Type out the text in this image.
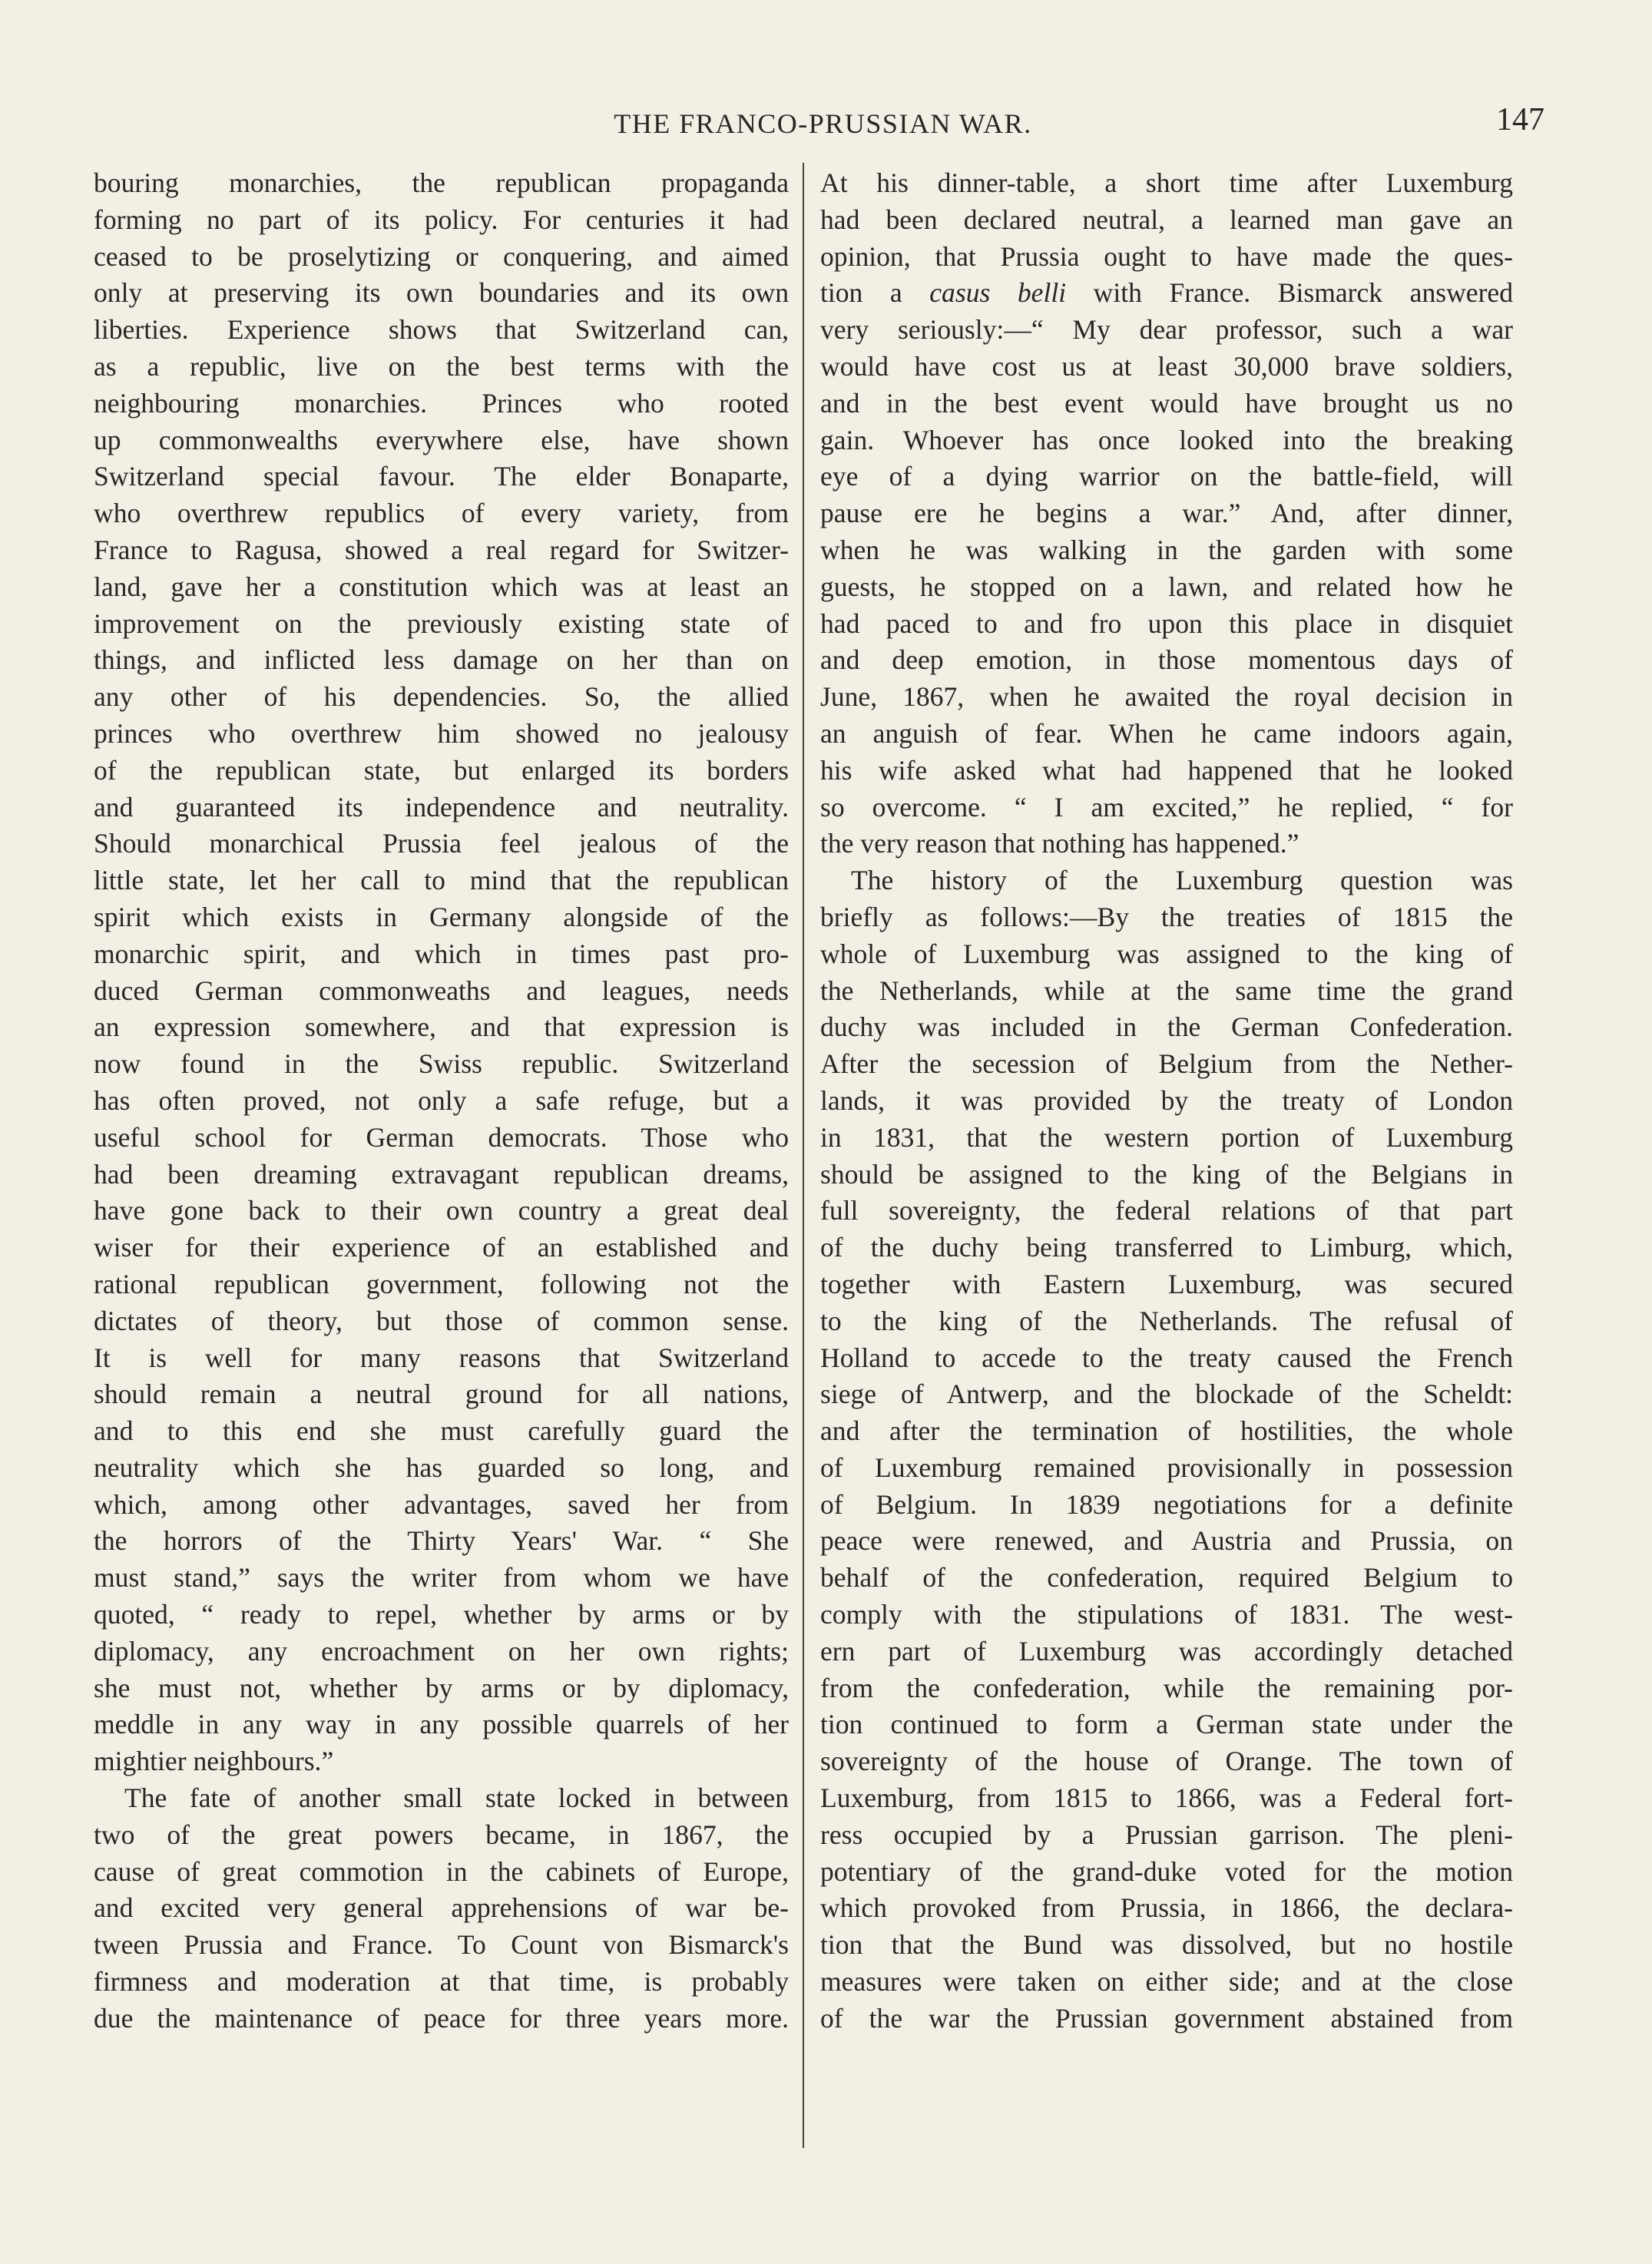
THE FRANCO-PRUSSIAN WAR.	147
bouring monarchies, the republican propaganda
forming no part of its policy. For centuries it had
ceased to be proselytizing or conquering, and aimed
only at preserving its own boundaries and its own
liberties. Experience shows that Switzerland can,
as a republic, live on the best terms with the
neighbouring monarchies. Princes who rooted
up commonwealths everywhere else, have shown
Switzerland special favour. The elder Bonaparte,
who overthrew republics of every variety, from
France to Ragusa, showed a real regard for Switzer-
land, gave her a constitution which was at least an
improvement on the previously existing state of
things, and inflicted less damage on her than on
any other of his dependencies. So, the allied
princes who overthrew him showed no jealousy
of the republican state, but enlarged its borders
and guaranteed its independence and neutrality.
Should monarchical Prussia feel jealous of the
little state, let her call to mind that the republican
spirit which exists in Germany alongside of the
monarchic spirit, and which in times past pro-
duced German commonweaths and leagues, needs
an expression somewhere, and that expression is
now found in the Swiss republic. Switzerland
has often proved, not only a safe refuge, but a
useful school for German democrats. Those who
had been dreaming extravagant republican dreams,
have gone back to their own country a great deal
wiser for their experience of an established and
rational republican government, following not the
dictates of theory, but those of common sense.
It is well for many reasons that Switzerland
should remain a neutral ground for all nations,
and to this end she must carefully guard the
neutrality which she has guarded so long, and
which, among other advantages, saved her from
the horrors of the Thirty Years' War. “ She
must stand,” says the writer from whom we have
quoted, “ ready to repel, whether by arms or by
diplomacy, any encroachment on her own rights;
she must not, whether by arms or by diplomacy,
meddle in any way in any possible quarrels of her
mightier neighbours.”
The fate of another small state locked in between
two of the great powers became, in 1867, the
cause of great commotion in the cabinets of Europe,
and excited very general apprehensions of war be-
tween Prussia and France. To Count von Bismarck's
firmness and moderation at that time, is probably
due the maintenance of peace for three years more.
At his dinner-table, a short time after Luxemburg
had been declared neutral, a learned man gave an
opinion, that Prussia ought to have made the ques-
tion a casus belli with France. Bismarck answered
very seriously:—“ My dear professor, such a war
would have cost us at least 30,000 brave soldiers,
and in the best event would have brought us no
gain. Whoever has once looked into the breaking
eye of a dying warrior on the battle-field, will
pause ere he begins a war.” And, after dinner,
when he was walking in the garden with some
guests, he stopped on a lawn, and related how he
had paced to and fro upon this place in disquiet
and deep emotion, in those momentous days of
June, 1867, when he awaited the royal decision in
an anguish of fear. When he came indoors again,
his wife asked what had happened that he looked
so overcome. “ I am excited,” he replied, “ for
the very reason that nothing has happened.”
The history of the Luxemburg question was
briefly as follows:—By the treaties of 1815 the
whole of Luxemburg was assigned to the king of
the Netherlands, while at the same time the grand
duchy was included in the German Confederation.
After the secession of Belgium from the Nether-
lands, it was provided by the treaty of London
in 1831, that the western portion of Luxemburg
should be assigned to the king of the Belgians in
full sovereignty, the federal relations of that part
of the duchy being transferred to Limburg, which,
together with Eastern Luxemburg, was secured
to the king of the Netherlands. The refusal of
Holland to accede to the treaty caused the French
siege of Antwerp, and the blockade of the Scheldt:
and after the termination of hostilities, the whole
of Luxemburg remained provisionally in possession
of Belgium. In 1839 negotiations for a definite
peace were renewed, and Austria and Prussia, on
behalf of the confederation, required Belgium to
comply with the stipulations of 1831. The west-
ern part of Luxemburg was accordingly detached
from the confederation, while the remaining por-
tion continued to form a German state under the
sovereignty of the house of Orange. The town of
Luxemburg, from 1815 to 1866, was a Federal fort-
ress occupied by a Prussian garrison. The pleni-
potentiary of the grand-duke voted for the motion
which provoked from Prussia, in 1866, the declara-
tion that the Bund was dissolved, but no hostile
measures were taken on either side; and at the close
of the war the Prussian government abstained from
